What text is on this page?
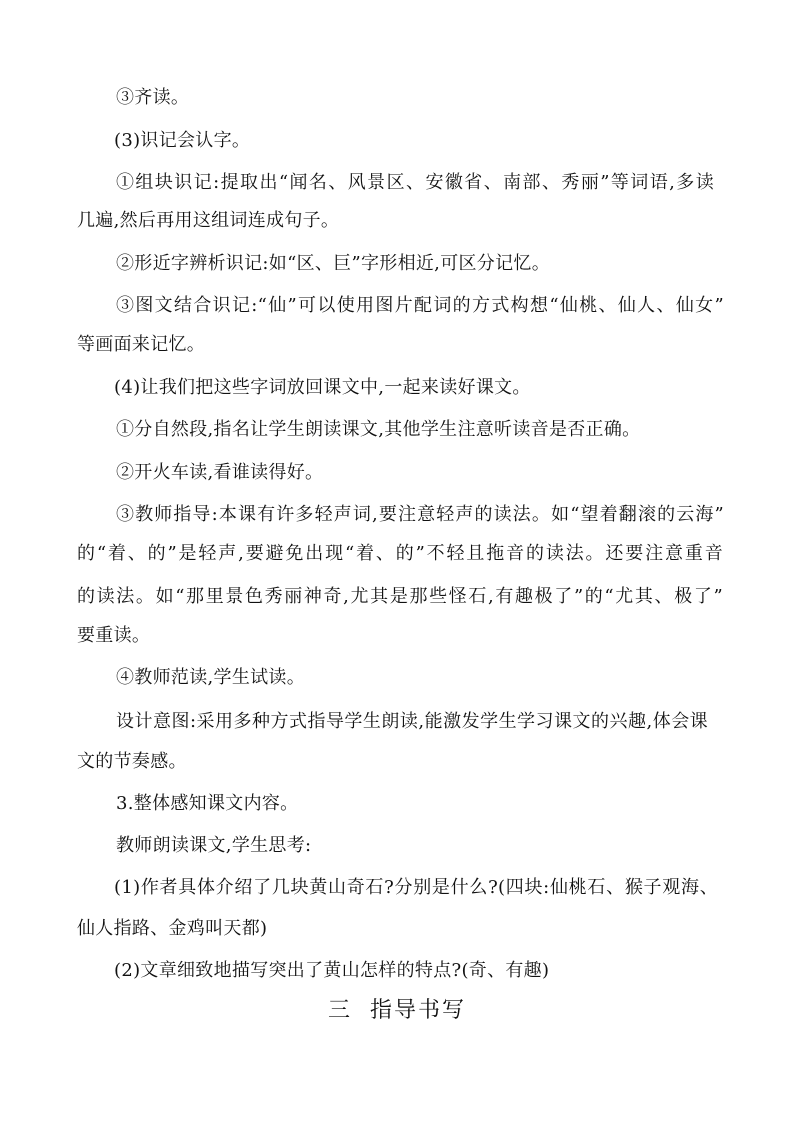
③齐读。
(3)识记会认字。
①组块识记:提取出“闻名、风景区、安徽省、南部、秀丽”等词语,多读
几遍,然后再用这组词连成句子。
②形近字辨析识记:如“区、巨”字形相近,可区分记忆。
③图文结合识记:“仙”可以使用图片配词的方式构想“仙桃、仙人、仙女”
等画面来记忆。
(4)让我们把这些字词放回课文中,一起来读好课文。
①分自然段,指名让学生朗读课文,其他学生注意听读音是否正确。
②开火车读,看谁读得好。
③教师指导:本课有许多轻声词,要注意轻声的读法。如“望着翻滚的云海”
的“着、的”是轻声,要避免出现“着、的”不轻且拖音的读法。还要注意重音
的读法。如“那里景色秀丽神奇,尤其是那些怪石,有趣极了”的“尤其、极了”
要重读。
④教师范读,学生试读。
设计意图:采用多种方式指导学生朗读,能激发学生学习课文的兴趣,体会课
文的节奏感。
3.整体感知课文内容。
教师朗读课文,学生思考:
(1)作者具体介绍了几块黄山奇石?分别是什么?(四块:仙桃石、猴子观海、
仙人指路、金鸡叫天都)
(2)文章细致地描写突出了黄山怎样的特点?(奇、有趣)
三 指导书写
